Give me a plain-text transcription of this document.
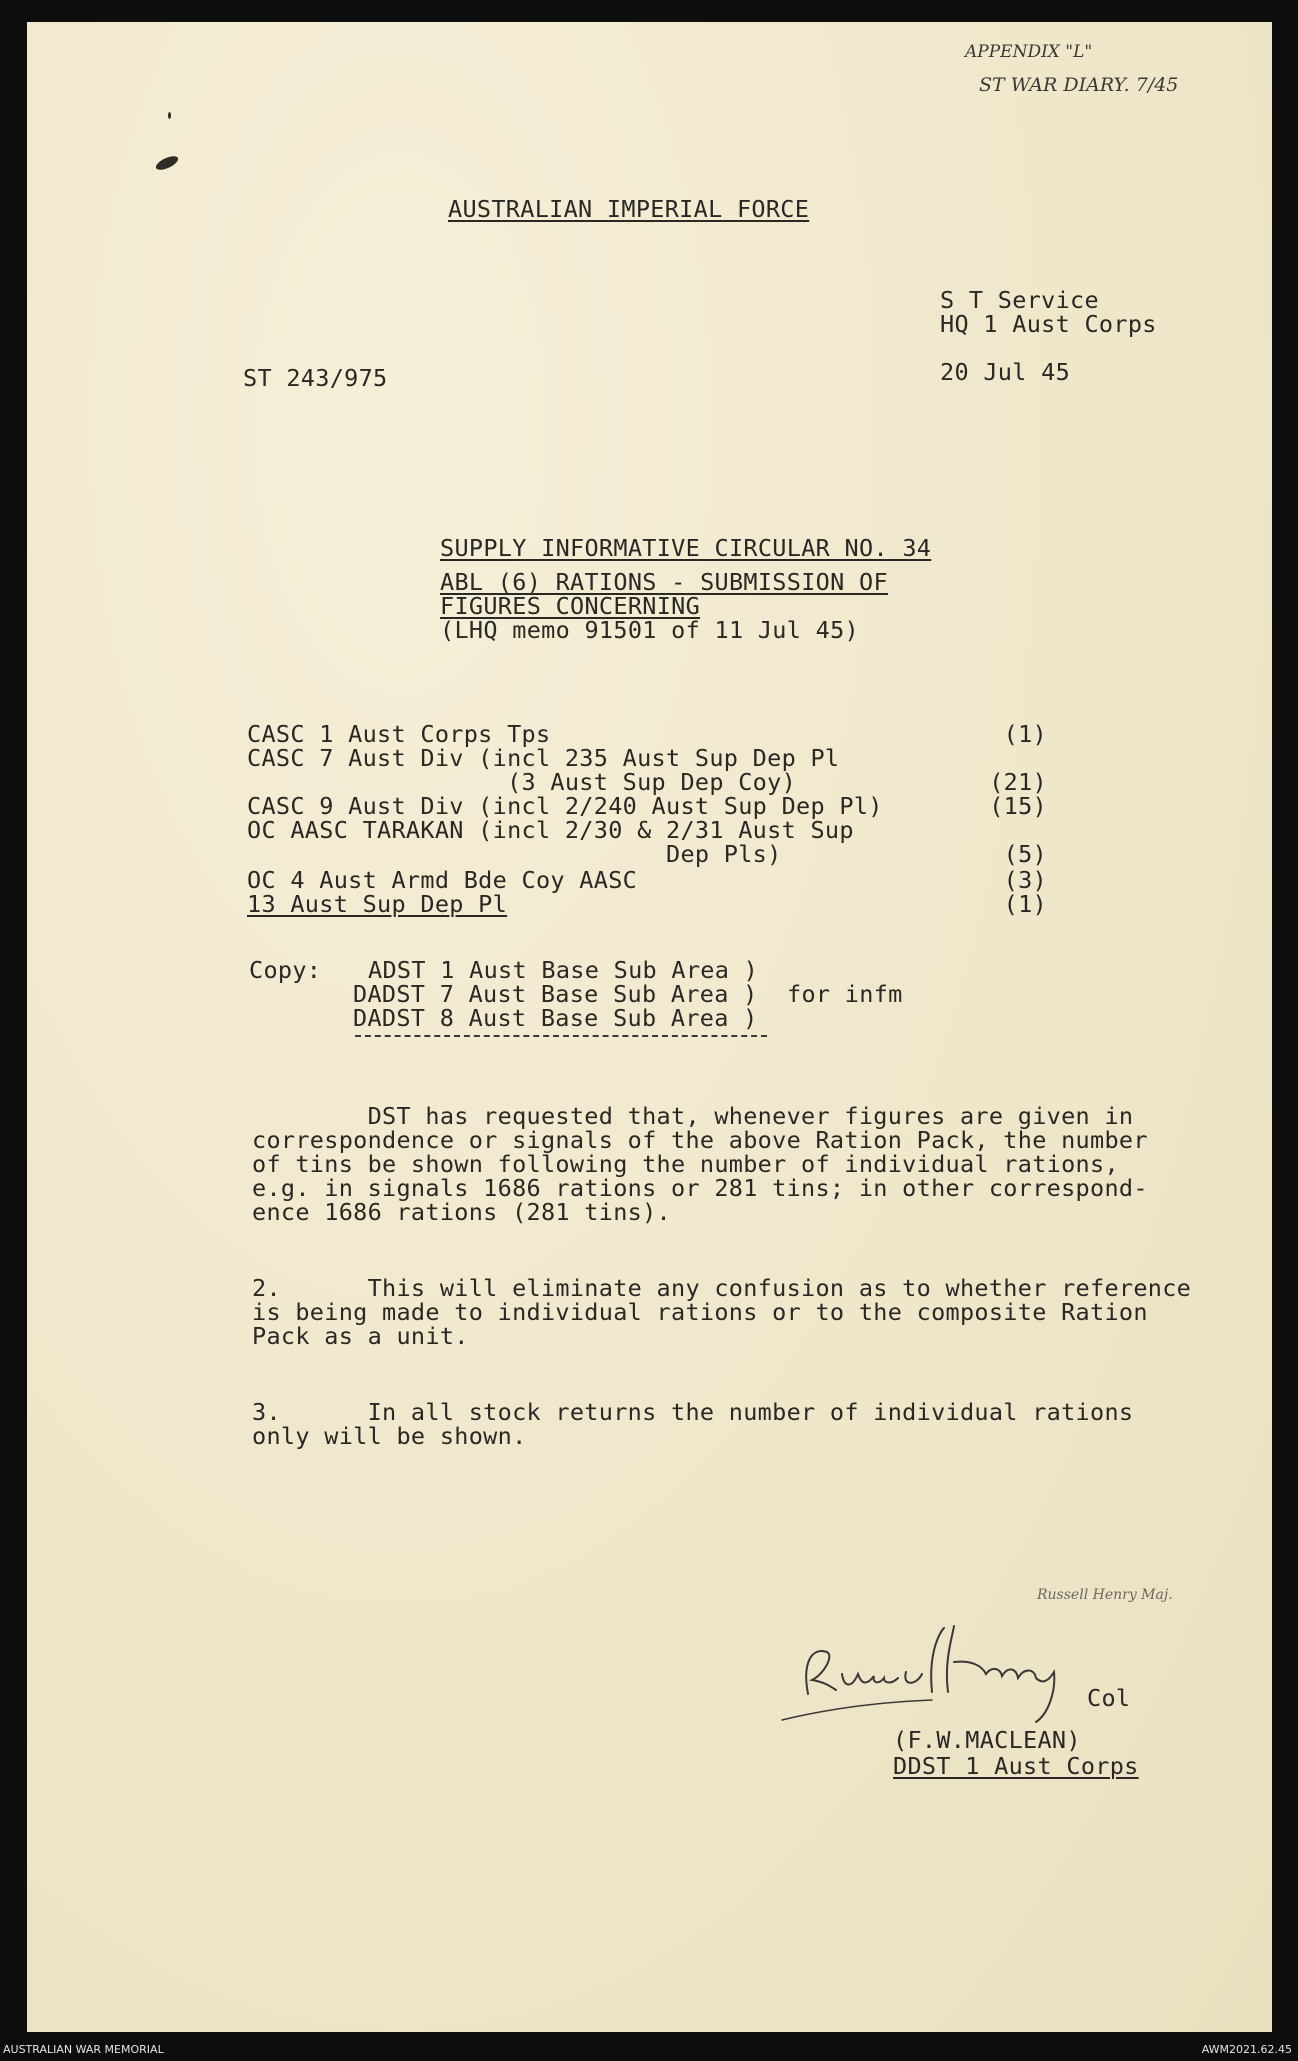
APPENDIX "L"
ST WAR DIARY. 7/45
AUSTRALIAN IMPERIAL FORCE
S T Service
HQ 1 Aust Corps
ST 243/975	20 Jul 45
SUPPLY INFORMATIVE CIRCULAR NO. 34
ABL (6) RATIONS - SUBMISSION OF
FIGURES CONCERNING
(LHQ memo 91501 of 11 Jul 45)
CASC 1 Aust Corps Tps	(1)
CASC 7 Aust Div (incl 235 Aust Sup Dep Pl
(3 Aust Sup Dep Coy)	(21)
CASC 9 Aust Div (incl 2/240 Aust Sup Dep Pl)	(15)
OC AASC TARAKAN (incl 2/30 & 2/31 Aust Sup
Dep Pls)	(5)
OC 4 Aust Armd Bde Coy AASC	(3)
13 Aust Sup Dep Pl	(1)
Copy: ADST 1 Aust Base Sub Area )
DADST 7 Aust Base Sub Area )
DADST 8 Aust Base Sub Area )
for infm
DST has requested that, whenever figures are given in
correspondence or signals of the above Ration Pack, the number
of tins be shown following the number of individual rations,
e.g. in signals 1686 rations or 281 tins; in other correspond-
ence 1686 rations (281 tins).
2.      This will eliminate any confusion as to whether reference
is being made to individual rations or to the composite Ration
Pack as a unit.
3.      In all stock returns the number of individual rations
only will be shown.
Russell Henry Maj.
Col
(F.W.MACLEAN)
DDST 1 Aust Corps
AUSTRALIAN WAR MEMORIAL	AWM2021.62.45
